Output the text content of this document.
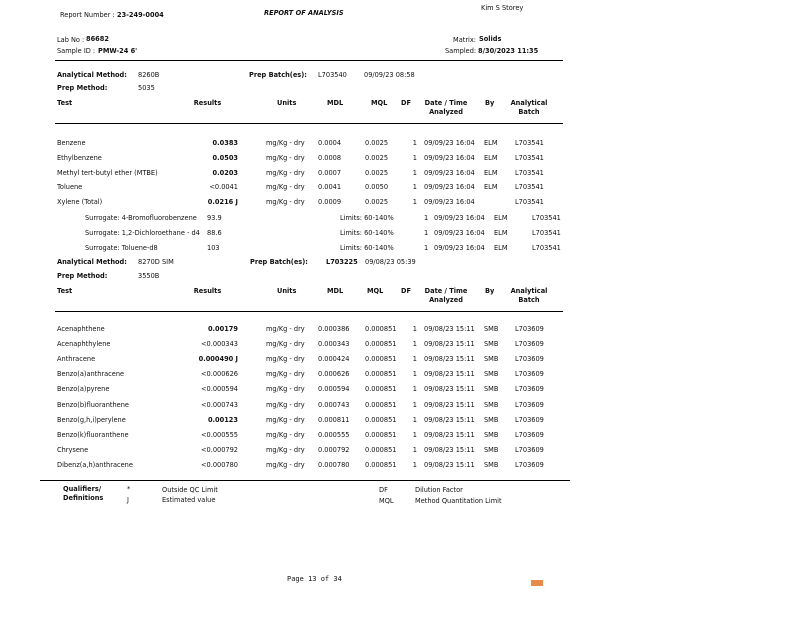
Report Number : 23-249-0004	REPORT OF ANALYSIS
Kim S Storey
Lab No : 86682
Sample ID : PMW-24 6'
Matrix: Solids
Sampled: 8/30/2023 11:35
Analytical Method: 8260B	Prep Batch(es): L703540	09/09/23 08:58
Prep Method:	5035
Test	Results	Units	MDL	MQL DF Date / Time Analyzed
By Analytical Batch
Benzene	0.0383	mg/Kg - dry 0.0004	0.0025	1 09/09/23 16:04 ELM	L703541
Ethylbenzene	0.0503	mg/Kg - dry 0.0008	0.0025	1 09/09/23 16:04 ELM	L703541
Methyl tert-butyl ether (MTBE)	0.0203	mg/Kg - dry 0.0007	0.0025	1 09/09/23 16:04 ELM	L703541
Toluene	<0.0041	mg/Kg - dry 0.0041	0.0050	1 09/09/23 16:04 ELM	L703541
Xylene (Total)	0.0216 J	mg/Kg - dry 0.0009	0.0025	1 09/09/23 16:04	L703541
Surrogate: 4-Bromofluorobenzene 93.9	Limits: 60-140%	1 09/09/23 16:04 ELM	L703541
Surrogate: 1,2-Dichloroethane - d4 88.6	Limits: 60-140%	1 09/09/23 16:04 ELM	L703541
Surrogate: Toluene-d8	103	Limits: 60-140%	1 09/09/23 16:04 ELM	L703541
Analytical Method: 8270D SIM	Prep Batch(es):	L703225 09/08/23 05:39
Prep Method:	3550B
Test	Results	Units	MDL	MQL	DF Date / Time Analyzed
By Analytical Batch
Acenaphthene	0.00179	mg/Kg - dry 0.000386 0.000851	1 09/08/23 15:11 SMB	L703609
Acenaphthylene	<0.000343	mg/Kg - dry 0.000343 0.000851	1 09/08/23 15:11 SMB	L703609
Anthracene	0.000490 J	mg/Kg - dry 0.000424 0.000851	1 09/08/23 15:11 SMB	L703609
Benzo(a)anthracene	<0.000626	mg/Kg - dry 0.000626 0.000851	1 09/08/23 15:11 SMB	L703609
Benzo(a)pyrene	<0.000594	mg/Kg - dry 0.000594 0.000851	1 09/08/23 15:11 SMB	L703609
Benzo(b)fluoranthene	<0.000743	mg/Kg - dry 0.000743 0.000851	1 09/08/23 15:11 SMB	L703609
Benzo(g,h,i)perylene	0.00123	mg/Kg - dry 0.000811 0.000851	1 09/08/23 15:11 SMB	L703609
Benzo(k)fluoranthene	<0.000555	mg/Kg - dry 0.000555 0.000851	1 09/08/23 15:11 SMB	L703609
Chrysene	<0.000792	mg/Kg - dry 0.000792 0.000851	1 09/08/23 15:11 SMB	L703609
Dibenz(a,h)anthracene	<0.000780	mg/Kg - dry 0.000780 0.000851	1 09/08/23 15:11 SMB	L703609
Qualifiers/ Definitions
*	Outside QC Limit
J	Estimated value
DF	Dilution Factor
MQL	Method Quantitation Limit
Page 13 of 34
